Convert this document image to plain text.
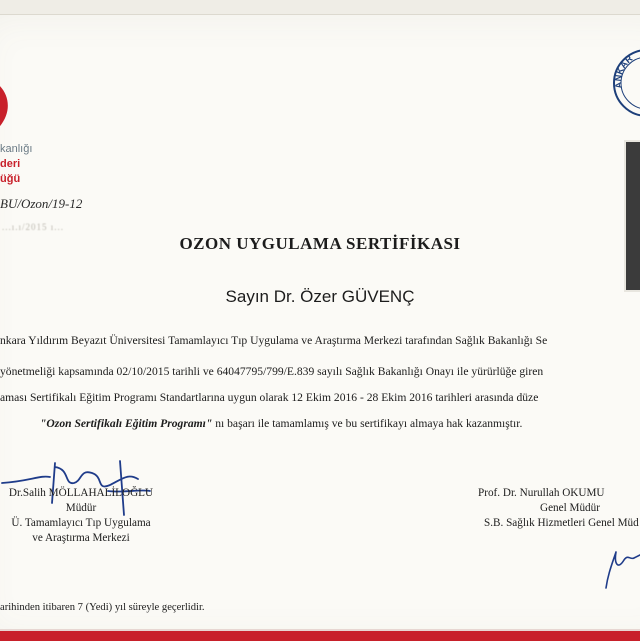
kanlığı
deri
üğü
BU/Ozon/19-12
...ı.ı/2015 ı...
ANKAR
OZON UYGULAMA SERTİFİKASI
Sayın Dr. Özer GÜVENÇ
nkara Yıldırım Beyazıt Üniversitesi Tamamlayıcı Tıp Uygulama ve Araştırma Merkezi tarafından Sağlık Bakanlığı Se
yönetmeliği kapsamında 02/10/2015 tarihli ve 64047795/799/E.839 sayılı Sağlık Bakanlığı Onayı ile yürürlüğe giren
aması Sertifikalı Eğitim Programı Standartlarına uygun olarak 12 Ekim 2016 - 28 Ekim 2016 tarihleri arasında düze
"Ozon Sertifikalı Eğitim Programı" nı başarı ile tamamlamış ve bu sertifikayı almaya hak kazanmıştır.
Dr.Salih MÖLLAHALİLOĞLU
Müdür
Ü. Tamamlayıcı Tıp Uygulama
ve Araştırma Merkezi
Prof. Dr. Nurullah OKUMU
Genel Müdür
S.B. Sağlık Hizmetleri Genel Müd
arihinden itibaren 7 (Yedi) yıl süreyle geçerlidir.
